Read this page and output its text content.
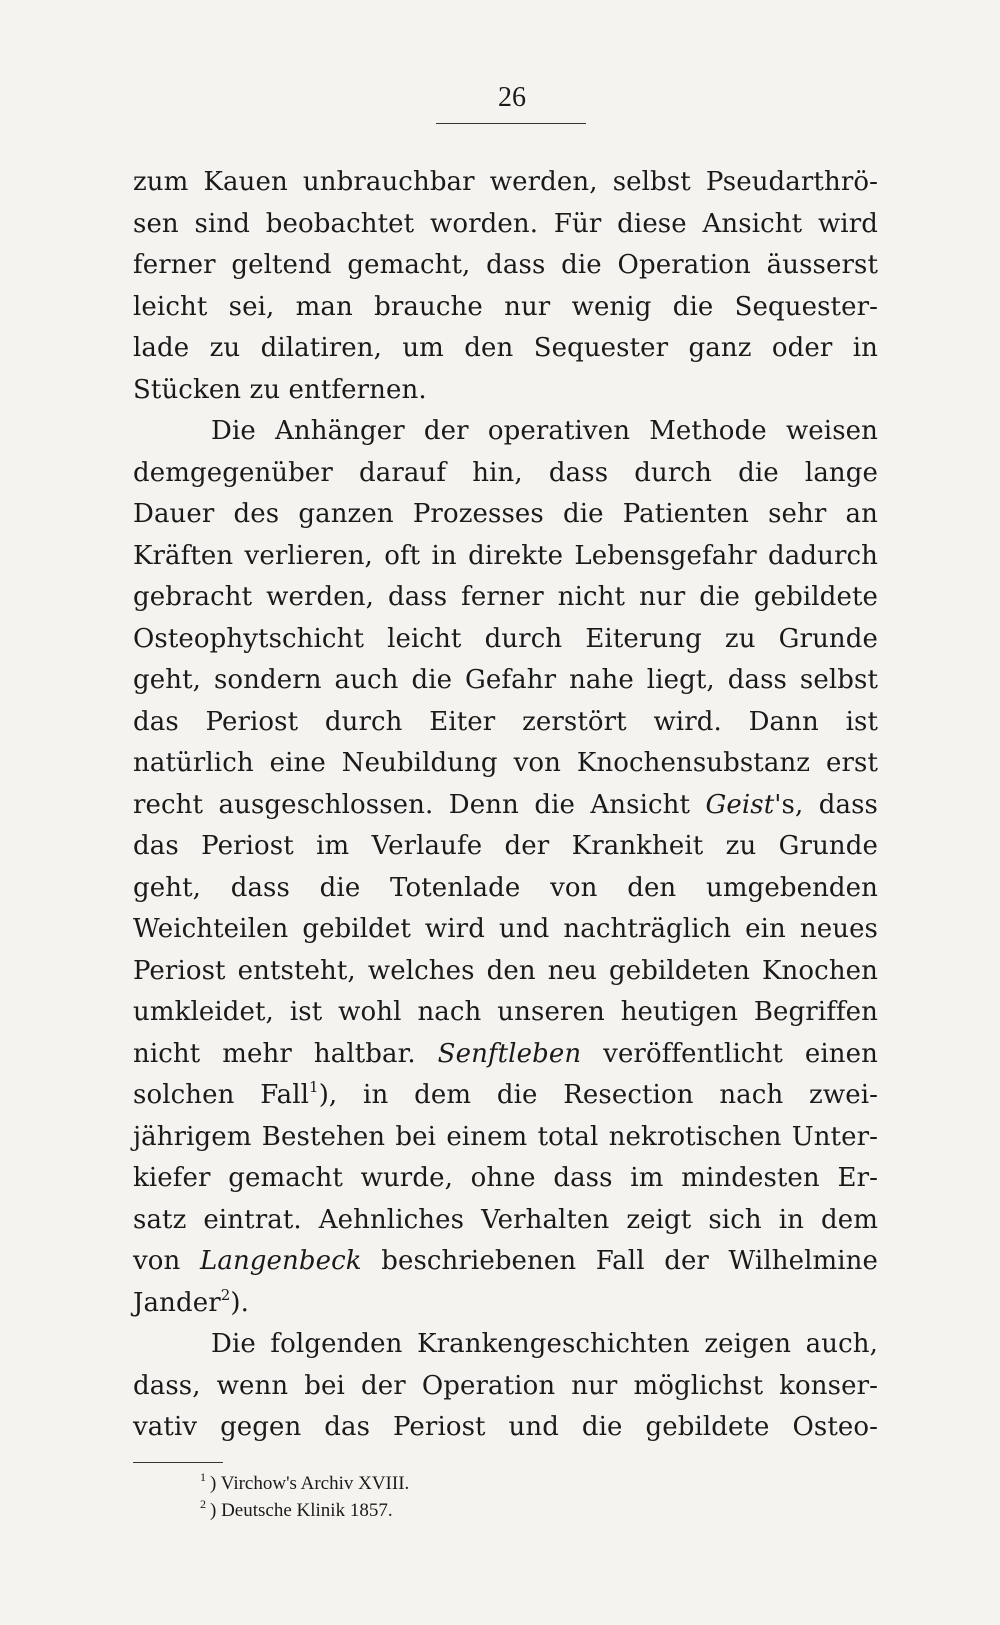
26
zum Kauen unbrauchbar werden, selbst Pseudarthrö-
sen sind beobachtet worden. Für diese Ansicht wird
ferner geltend gemacht, dass die Operation äusserst
leicht sei, man brauche nur wenig die Sequester-
lade zu dilatiren, um den Sequester ganz oder in
Stücken zu entfernen.
Die Anhänger der operativen Methode weisen
demgegenüber darauf hin, dass durch die lange
Dauer des ganzen Prozesses die Patienten sehr an
Kräften verlieren, oft in direkte Lebensgefahr dadurch
gebracht werden, dass ferner nicht nur die gebildete
Osteophytschicht leicht durch Eiterung zu Grunde
geht, sondern auch die Gefahr nahe liegt, dass selbst
das Periost durch Eiter zerstört wird. Dann ist
natürlich eine Neubildung von Knochensubstanz erst
recht ausgeschlossen. Denn die Ansicht Geist's, dass
das Periost im Verlaufe der Krankheit zu Grunde
geht, dass die Totenlade von den umgebenden
Weichteilen gebildet wird und nachträglich ein neues
Periost entsteht, welches den neu gebildeten Knochen
umkleidet, ist wohl nach unseren heutigen Begriffen
nicht mehr haltbar. Senftleben veröffentlicht einen
solchen Fall$^1$), in dem die Resection nach zwei-
jährigem Bestehen bei einem total nekrotischen Unter-
kiefer gemacht wurde, ohne dass im mindesten Er-
satz eintrat. Aehnliches Verhalten zeigt sich in dem
von Langenbeck beschriebenen Fall der Wilhelmine
Jander$^2$).
Die folgenden Krankengeschichten zeigen auch,
dass, wenn bei der Operation nur möglichst konser-
vativ gegen das Periost und die gebildete Osteo-
$^1$ ) Virchow's Archiv XVIII.
$^2$ ) Deutsche Klinik 1857.
